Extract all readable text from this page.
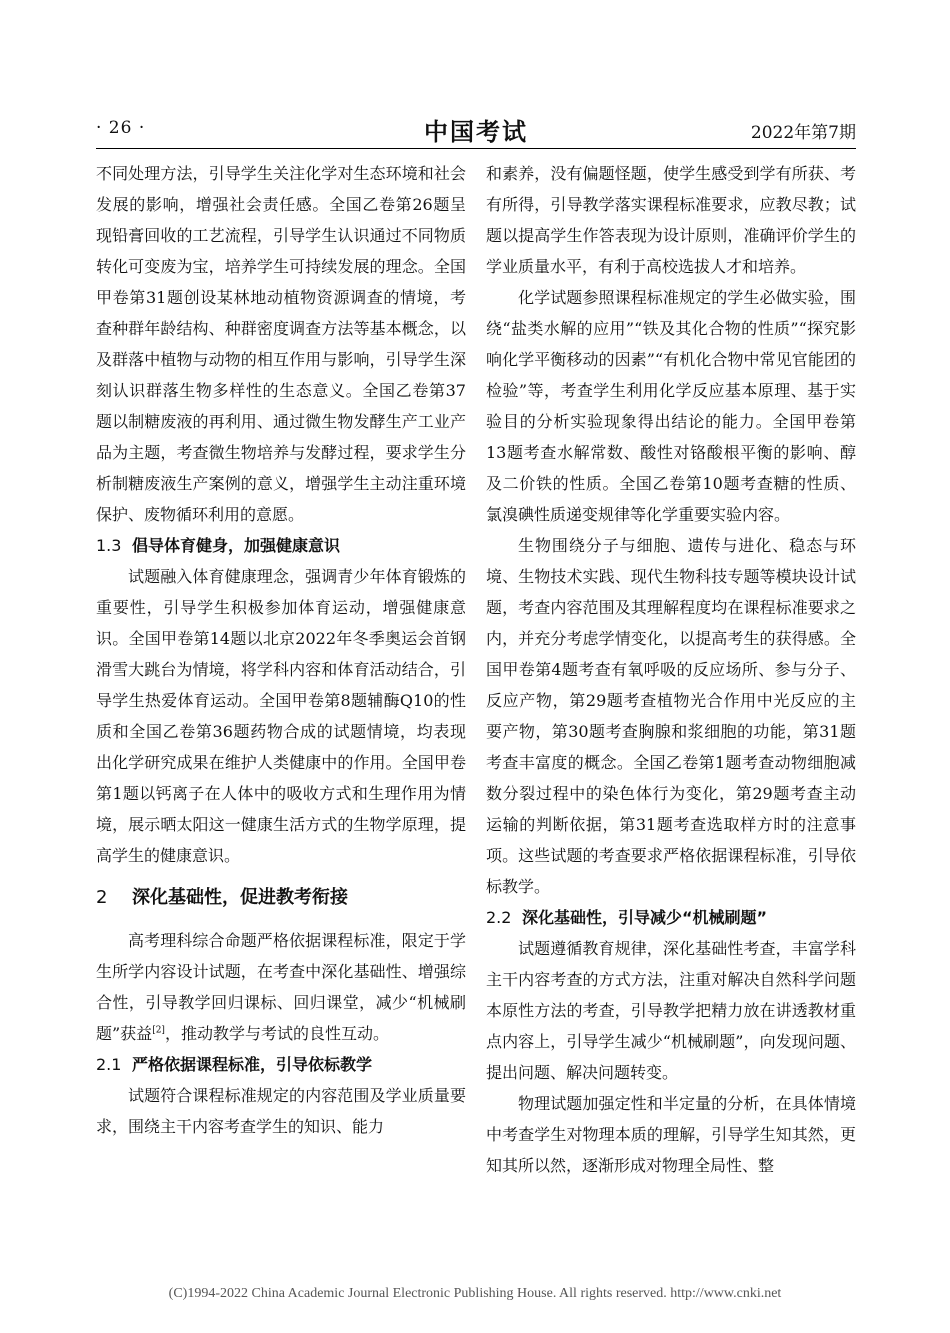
· 26 ·	中国考试	2022年第7期

不同处理方法，引导学生关注化学对生态环境和社会发展的影响，增强社会责任感。全国乙卷第26题呈现铅膏回收的工艺流程，引导学生认识通过不同物质转化可变废为宝，培养学生可持续发展的理念。全国甲卷第31题创设某林地动植物资源调查的情境，考查种群年龄结构、种群密度调查方法等基本概念，以及群落中植物与动物的相互作用与影响，引导学生深刻认识群落生物多样性的生态意义。全国乙卷第37题以制糖废液的再利用、通过微生物发酵生产工业产品为主题，考查微生物培养与发酵过程，要求学生分析制糖废液生产案例的意义，增强学生主动注重环境保护、废物循环利用的意愿。

1.3 倡导体育健身，加强健康意识

试题融入体育健康理念，强调青少年体育锻炼的重要性，引导学生积极参加体育运动，增强健康意识。全国甲卷第14题以北京2022年冬季奥运会首钢滑雪大跳台为情境，将学科内容和体育活动结合，引导学生热爱体育运动。全国甲卷第8题辅酶Q10的性质和全国乙卷第36题药物合成的试题情境，均表现出化学研究成果在维护人类健康中的作用。全国甲卷第1题以钙离子在人体中的吸收方式和生理作用为情境，展示晒太阳这一健康生活方式的生物学原理，提高学生的健康意识。

2 深化基础性，促进教考衔接

高考理科综合命题严格依据课程标准，限定于学生所学内容设计试题，在考查中深化基础性、增强综合性，引导教学回归课标、回归课堂，减少“机械刷题”获益[2]，推动教学与考试的良性互动。

2.1 严格依据课程标准，引导依标教学

试题符合课程标准规定的内容范围及学业质量要求，围绕主干内容考查学生的知识、能力

和素养，没有偏题怪题，使学生感受到学有所获、考有所得，引导教学落实课程标准要求，应教尽教；试题以提高学生作答表现为设计原则，准确评价学生的学业质量水平，有利于高校选拔人才和培养。

化学试题参照课程标准规定的学生必做实验，围绕“盐类水解的应用”“铁及其化合物的性质”“探究影响化学平衡移动的因素”“有机化合物中常见官能团的检验”等，考查学生利用化学反应基本原理、基于实验目的分析实验现象得出结论的能力。全国甲卷第13题考查水解常数、酸性对铬酸根平衡的影响、醇及二价铁的性质。全国乙卷第10题考查糖的性质、氯溴碘性质递变规律等化学重要实验内容。

生物围绕分子与细胞、遗传与进化、稳态与环境、生物技术实践、现代生物科技专题等模块设计试题，考查内容范围及其理解程度均在课程标准要求之内，并充分考虑学情变化，以提高考生的获得感。全国甲卷第4题考查有氧呼吸的反应场所、参与分子、反应产物，第29题考查植物光合作用中光反应的主要产物，第30题考查胸腺和浆细胞的功能，第31题考查丰富度的概念。全国乙卷第1题考查动物细胞减数分裂过程中的染色体行为变化，第29题考查主动运输的判断依据，第31题考查选取样方时的注意事项。这些试题的考查要求严格依据课程标准，引导依标教学。

2.2 深化基础性，引导减少“机械刷题”

试题遵循教育规律，深化基础性考查，丰富学科主干内容考查的方式方法，注重对解决自然科学问题本原性方法的考查，引导教学把精力放在讲透教材重点内容上，引导学生减少“机械刷题”，向发现问题、提出问题、解决问题转变。

物理试题加强定性和半定量的分析，在具体情境中考查学生对物理本质的理解，引导学生知其然，更知其所以然，逐渐形成对物理全局性、整

(C)1994-2022 China Academic Journal Electronic Publishing House. All rights reserved. http://www.cnki.net
